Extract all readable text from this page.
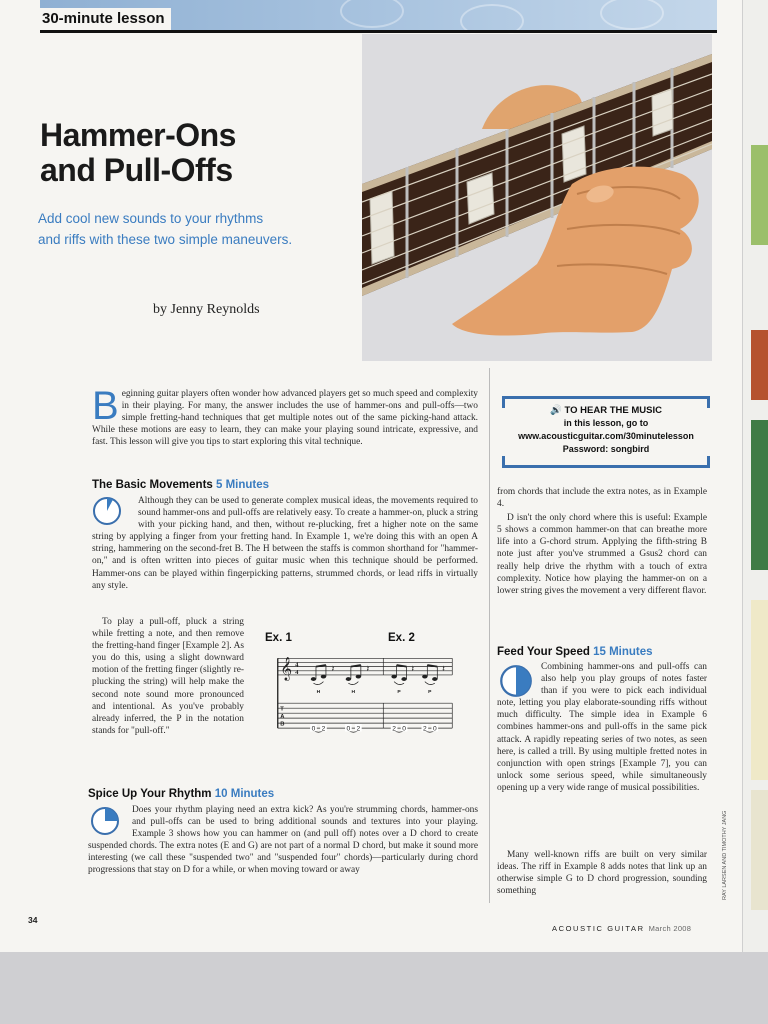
30-minute lesson
Hammer-Ons
and Pull-Offs
Add cool new sounds to your rhythms
and riffs with these two simple maneuvers.
by Jenny Reynolds
Beginning guitar players often wonder how advanced players get so much speed and complexity in their playing. For many, the answer includes the use of hammer-ons and pull-offs—two simple fretting-hand techniques that get multiple notes out of the same picking-hand attack. While these motions are easy to learn, they can make your playing sound intricate, expressive, and fast. This lesson will give you tips to start exploring this vital technique.
The Basic Movements 5 Minutes
Although they can be used to generate complex musical ideas, the movements required to sound hammer-ons and pull-offs are relatively easy. To create a hammer-on, pluck a string with your picking hand, and then, without re-plucking, fret a higher note on the same string by applying a finger from your fretting hand. In Example 1, we're doing this with an open A string, hammering on the second-fret B. The H between the staffs is common shorthand for "hammer-on," and is often written into pieces of guitar music when this technique should be performed. Hammer-ons can be played within fingerpicking patterns, strummed chords, or lead riffs in virtually any style.
To play a pull-off, pluck a string while fretting a note, and then remove the fretting-hand finger [Example 2]. As you do this, using a slight downward motion of the fretting finger (slightly re-plucking the string) will help make the second note sound more pronounced and intentional. As you've probably already inferred, the P in the notation stands for "pull-off."
Ex. 1	Ex. 2
𝄞 4
4
T
A
B
𝄽	𝄽	𝄽	𝄽
H	H	P	P
0 2	0 2	2 0 2 0
Spice Up Your Rhythm 10 Minutes
Does your rhythm playing need an extra kick? As you're strumming chords, hammer-ons and pull-offs can be used to bring additional sounds and textures into your playing. Example 3 shows how you can hammer on (and pull off) notes over a D chord to create suspended chords. The extra notes (E and G) are not part of a normal D chord, but make it sound more interesting (we call these "suspended two" and "suspended four" chords)—particularly during chord progressions that stay on D for a while, or when moving toward or away
🔊 TO HEAR THE MUSIC
in this lesson, go to
www.acousticguitar.com/30minutelesson
Password: songbird

from chords that include the extra notes, as in Example 4.

D isn't the only chord where this is useful: Example 5 shows a common hammer-on that can breathe more life into a G-chord strum. Applying the fifth-string B note just after you've strummed a Gsus2 chord can really help drive the rhythm with a touch of extra complexity. Notice how playing the hammer-on on a lower string gives the movement a very different flavor.

Feed Your Speed 15 Minutes
Combining hammer-ons and pull-offs can also help you play groups of notes faster than if you were to pick each individual note, letting you play elaborate-sounding riffs without much difficulty. The simple idea in Example 6 combines hammer-ons and pull-offs in the same pick attack. A rapidly repeating series of two notes, as seen here, is called a trill. By using multiple fretted notes in conjunction with open strings [Example 7], you can unlock some serious speed, while simultaneously opening up a very wide range of musical possibilities.
Many well-known riffs are built on very similar ideas. The riff in Example 8 adds notes that link up an otherwise simple G to D chord progression, sounding something
34
ACOUSTIC GUITAR March 2008
RAY LARSEN AND TIMOTHY JANG
